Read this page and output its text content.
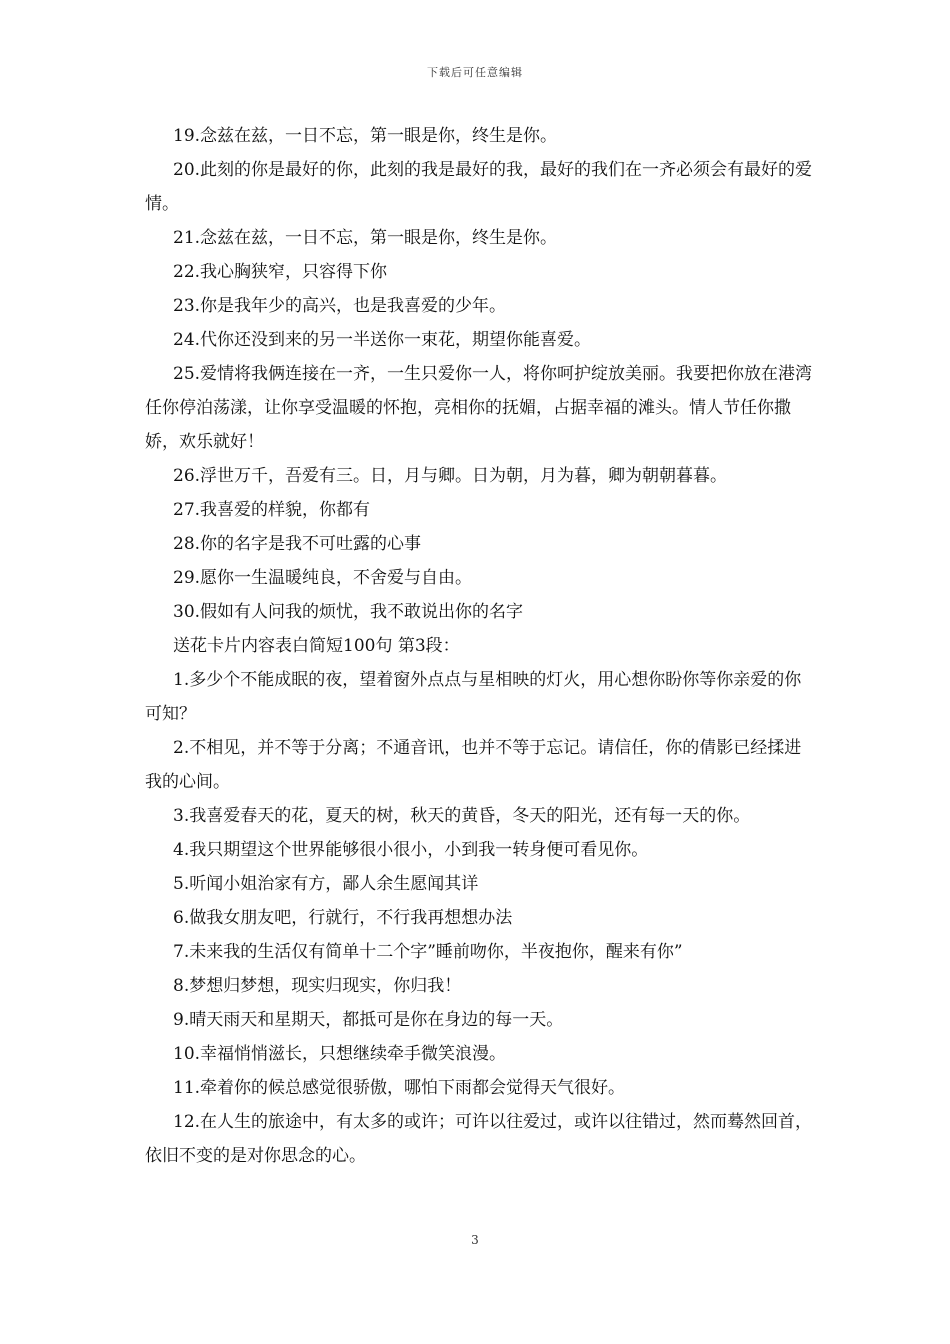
下载后可任意编辑

19.念兹在兹，一日不忘，第一眼是你，终生是你。

20.此刻的你是最好的你，此刻的我是最好的我，最好的我们在一齐必须会有最好的爱情。

21.念兹在兹，一日不忘，第一眼是你，终生是你。

22.我心胸狭窄，只容得下你

23.你是我年少的高兴，也是我喜爱的少年。

24.代你还没到来的另一半送你一束花，期望你能喜爱。

25.爱情将我俩连接在一齐，一生只爱你一人，将你呵护绽放美丽。我要把你放在港湾任你停泊荡漾，让你享受温暖的怀抱，亮相你的抚媚，占据幸福的滩头。情人节任你撒娇，欢乐就好！

26.浮世万千，吾爱有三。日，月与卿。日为朝，月为暮，卿为朝朝暮暮。

27.我喜爱的样貌，你都有

28.你的名字是我不可吐露的心事

29.愿你一生温暖纯良，不舍爱与自由。

30.假如有人问我的烦忧，我不敢说出你的名字

送花卡片内容表白简短100句 第3段：

1.多少个不能成眠的夜，望着窗外点点与星相映的灯火，用心想你盼你等你亲爱的你可知？

2.不相见，并不等于分离；不通音讯，也并不等于忘记。请信任，你的倩影已经揉进我的心间。

3.我喜爱春天的花，夏天的树，秋天的黄昏，冬天的阳光，还有每一天的你。

4.我只期望这个世界能够很小很小，小到我一转身便可看见你。

5.听闻小姐治家有方，鄙人余生愿闻其详

6.做我女朋友吧，行就行，不行我再想想办法

7.未来我的生活仅有简单十二个字”睡前吻你，半夜抱你，醒来有你”

8.梦想归梦想，现实归现实，你归我！

9.晴天雨天和星期天，都抵可是你在身边的每一天。

10.幸福悄悄滋长，只想继续牵手微笑浪漫。

11.牵着你的候总感觉很骄傲，哪怕下雨都会觉得天气很好。

12.在人生的旅途中，有太多的或许；可许以往爱过，或许以往错过，然而蓦然回首，依旧不变的是对你思念的心。

3
